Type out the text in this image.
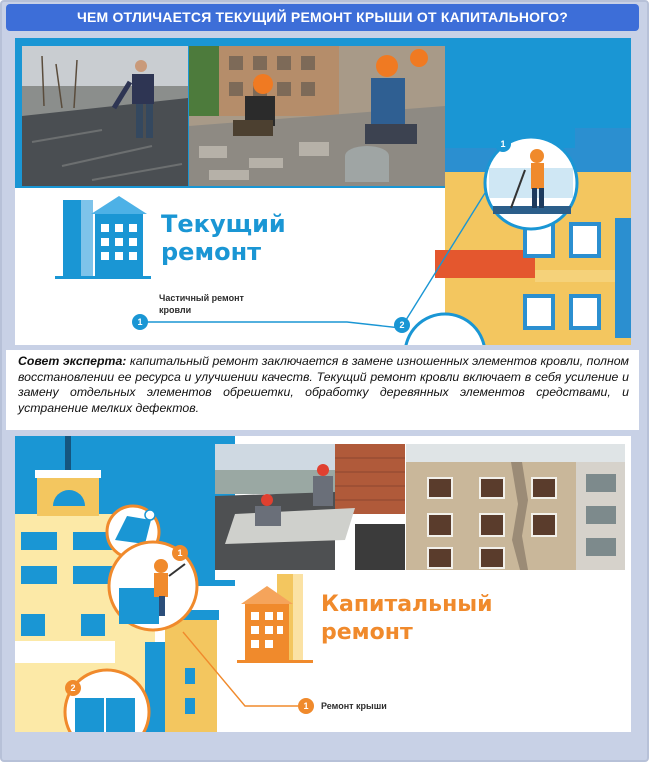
ЧЕМ ОТЛИЧАЕТСЯ ТЕКУЩИЙ РЕМОНТ КРЫШИ ОТ КАПИТАЛЬНОГО?
1
2
1
Текущий
ремонт
Частичный ремонт
кровли
Совет эксперта: капитальный ремонт заключается в замене изношенных элементов кровли, полном восстановлении ее ресурса и улучшении качеств. Текущий ремонт кровли включает в себя усиление и замену отдельных элементов обрешетки, обработку деревянных элементов средствами, и устранение мелких дефектов.
1
2
1
Капитальный
ремонт
Ремонт крыши
